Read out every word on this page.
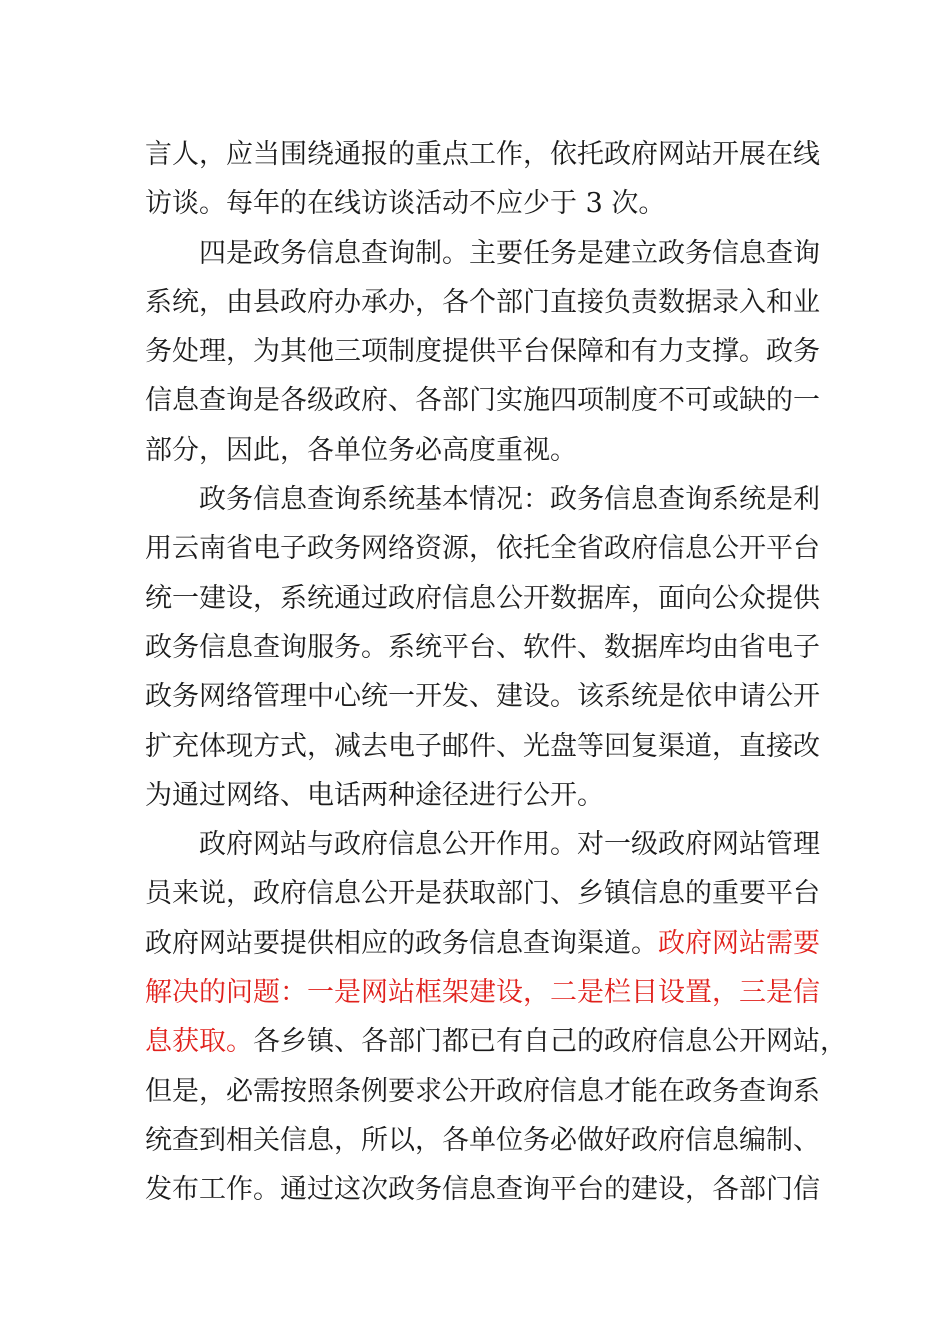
言人，应当围绕通报的重点工作，依托政府网站开展在线
访谈。每年的在线访谈活动不应少于 3 次。
四是政务信息查询制。主要任务是建立政务信息查询
系统，由县政府办承办，各个部门直接负责数据录入和业
务处理，为其他三项制度提供平台保障和有力支撑。政务
信息查询是各级政府、各部门实施四项制度不可或缺的一
部分，因此，各单位务必高度重视。
政务信息查询系统基本情况：政务信息查询系统是利
用云南省电子政务网络资源，依托全省政府信息公开平台
统一建设，系统通过政府信息公开数据库，面向公众提供
政务信息查询服务。系统平台、软件、数据库均由省电子
政务网络管理中心统一开发、建设。该系统是依申请公开
扩充体现方式，减去电子邮件、光盘等回复渠道，直接改
为通过网络、电话两种途径进行公开。
政府网站与政府信息公开作用。对一级政府网站管理
员来说，政府信息公开是获取部门、乡镇信息的重要平台
政府网站要提供相应的政务信息查询渠道。政府网站需要
解决的问题：一是网站框架建设，二是栏目设置，三是信
息获取。各乡镇、各部门都已有自己的政府信息公开网站，
但是，必需按照条例要求公开政府信息才能在政务查询系
统查到相关信息，所以，各单位务必做好政府信息编制、
发布工作。通过这次政务信息查询平台的建设，各部门信
